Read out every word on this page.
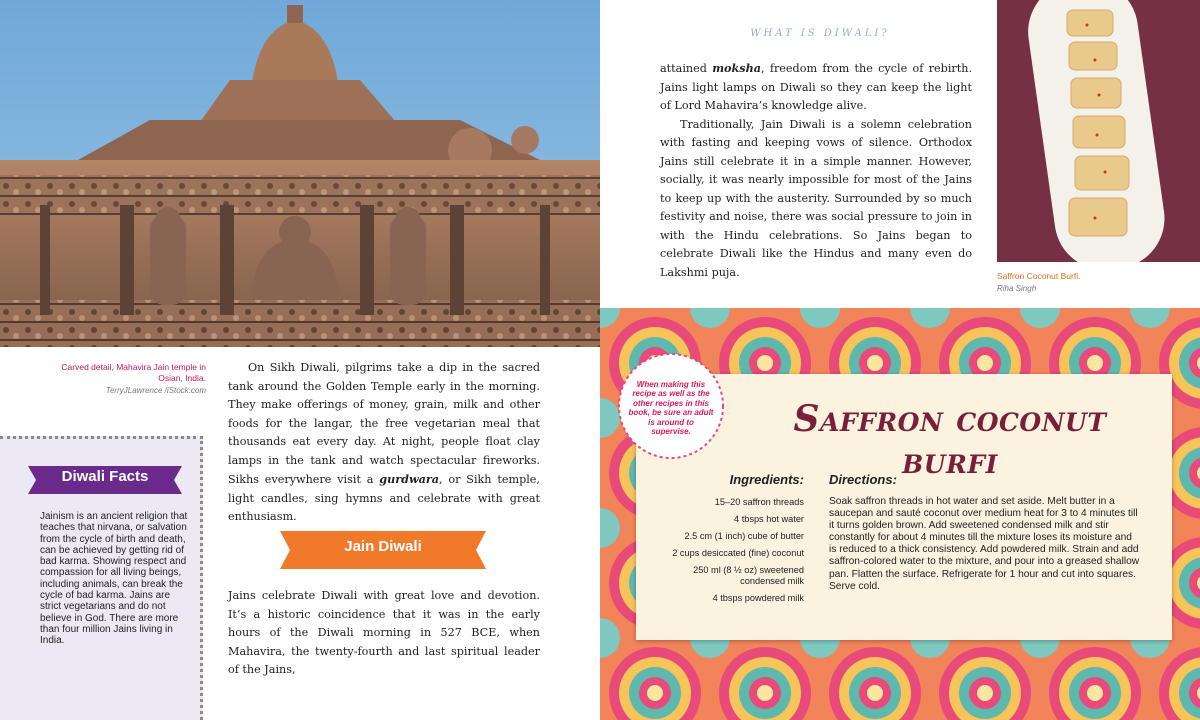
Carved detail, Mahavira Jain temple in Osian, India.
TerryJLawrence /iStock.com
Diwali Facts
Jainism is an ancient religion that teaches that nirvana, or salvation from the cycle of birth and death, can be achieved by getting rid of bad karma. Showing respect and compassion for all living beings, including animals, can break the cycle of bad karma. Jains are strict vegetarians and do not believe in God. There are more than four million Jains living in India.

On Sikh Diwali, pilgrims take a dip in the sacred tank around the Golden Temple early in the morning. They make offerings of money, grain, milk and other foods for the langar, the free vegetarian meal that thousands eat every day. At night, people float clay lamps in the tank and watch spectacular fireworks. Sikhs everywhere visit a gurdwara, or Sikh temple, light candles, sing hymns and celebrate with great enthusiasm.

Jain Diwali

Jains celebrate Diwali with great love and devotion. It’s a historic coincidence that it was in the early hours of the Diwali morning in 527 BCE, when Mahavira, the twenty-fourth and last spiritual leader of the Jains,

WHAT IS DIWALI?

attained moksha, freedom from the cycle of rebirth. Jains light lamps on Diwali so they can keep the light of Lord Mahavira’s knowledge alive.

Traditionally, Jain Diwali is a solemn celebration with fasting and keeping vows of silence. Orthodox Jains still celebrate it in a simple manner. However, socially, it was nearly impossible for most of the Jains to keep up with the austerity. Surrounded by so much festivity and noise, there was social pressure to join in with the Hindu celebrations. So Jains began to celebrate Diwali like the Hindus and many even do Lakshmi puja.	Saffron Coconut Burfi.
Riha Singh
When making this recipe as well as the other recipes in this book, be sure an adult is around to supervise.	Saffron coconut burfi
Ingredients:
15–20 saffron threads
4 tbsps hot water
2.5 cm (1 inch) cube of butter
2 cups desiccated (fine) coconut
250 ml (8 ½ oz) sweetened condensed milk
4 tbsps powdered milk
Directions:
Soak saffron threads in hot water and set aside. Melt butter in a saucepan and sauté coconut over medium heat for 3 to 4 minutes till it turns golden brown. Add sweetened condensed milk and stir constantly for about 4 minutes till the mixture loses its moisture and is reduced to a thick consistency. Add powdered milk. Strain and add saffron-colored water to the mixture, and pour into a greased shallow pan. Flatten the surface. Refrigerate for 1 hour and cut into squares. Serve cold.
